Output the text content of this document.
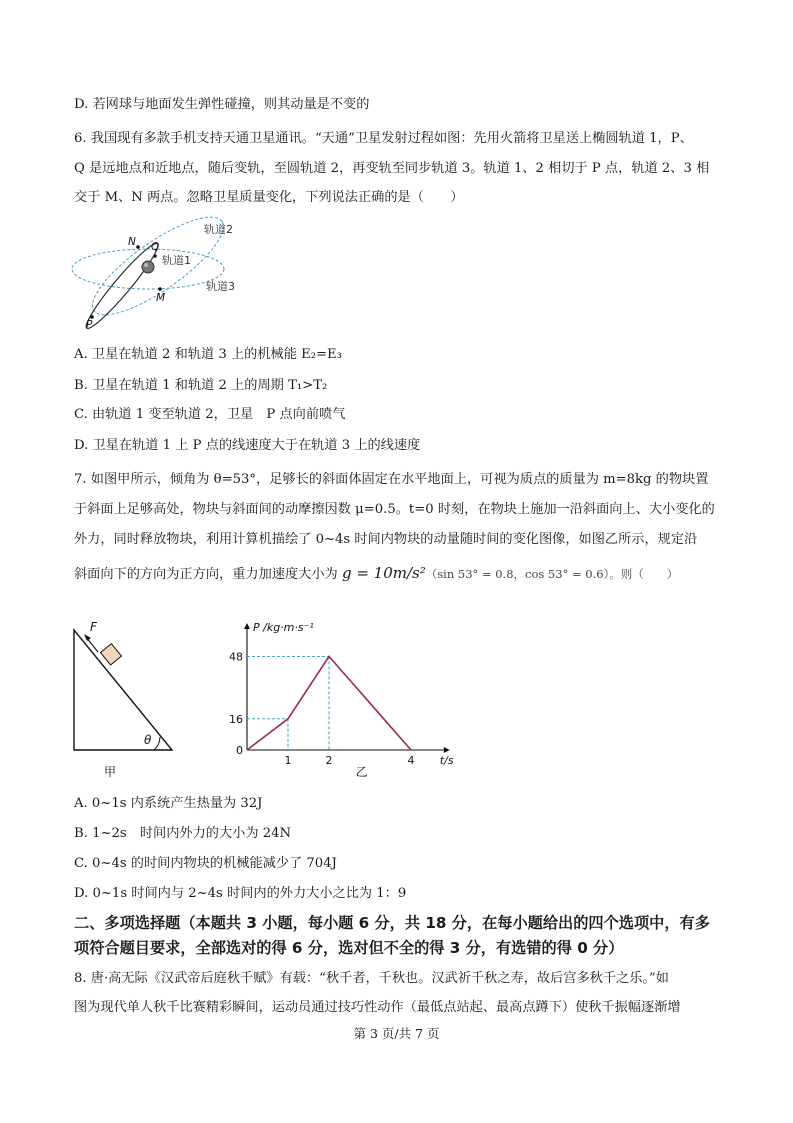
D. 若网球与地面发生弹性碰撞，则其动量是不变的
6. 我国现有多款手机支持天通卫星通讯。“天通”卫星发射过程如图：先用火箭将卫星送上椭圆轨道 1，P、
Q 是远地点和近地点，随后变轨，至圆轨道 2，再变轨至同步轨道 3。轨道 1、2 相切于 P 点，轨道 2、3 相
交于 M、N 两点。忽略卫星质量变化，下列说法正确的是（　　）
轨道2
轨道1
轨道3
N Q
M
P
A. 卫星在轨道 2 和轨道 3 上的机械能 E₂=E₃
B. 卫星在轨道 1 和轨道 2 上的周期 T₁>T₂
C. 由轨道 1 变至轨道 2，卫星　P 点向前喷气
D. 卫星在轨道 1 上 P 点的线速度大于在轨道 3 上的线速度
7. 如图甲所示，倾角为 θ=53°，足够长的斜面体固定在水平地面上，可视为质点的质量为 m=8kg 的物块置
于斜面上足够高处，物块与斜面间的动摩擦因数 μ=0.5。t=0 时刻，在物块上施加一沿斜面向上、大小变化的
外力，同时释放物块，利用计算机描绘了 0~4s 时间内物块的动量随时间的变化图像，如图乙所示，规定沿
斜面向下的方向为正方向，重力加速度大小为 g = 10m/s²（sin 53° = 0.8，cos 53° = 0.6）。则（　　）
F
θ
甲
P /kg·m·s⁻¹
t/s
48
16
0
1	2	4
乙
A. 0~1s 内系统产生热量为 32J
B. 1~2s　时间内外力的大小为 24N
C. 0~4s 的时间内物块的机械能减少了 704J
D. 0~1s 时间内与 2~4s 时间内的外力大小之比为 1：9
二、多项选择题（本题共 3 小题，每小题 6 分，共 18 分，在每小题给出的四个选项中，有多
项符合题目要求，全部选对的得 6 分，选对但不全的得 3 分，有选错的得 0 分）
8. 唐·高无际《汉武帝后庭秋千赋》有载：“秋千者，千秋也。汉武祈千秋之寿，故后宫多秋千之乐。”如
图为现代单人秋千比赛精彩瞬间，运动员通过技巧性动作（最低点站起、最高点蹲下）使秋千振幅逐渐增
第 3 页/共 7 页
